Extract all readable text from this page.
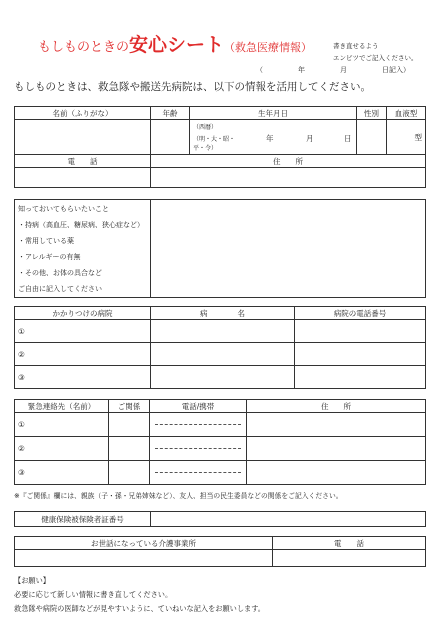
もしものときの安心シート（救急医療情報）	書き直せるよう
エンピツでご記入ください。
（　　　　　年　　　　　月　　　　　日記入）
もしものときは、救急隊や搬送先病院は、以下の情報を活用してください。
名前（ふりがな）	年齢	生年月日	性別	血液型

		（西暦）
（明・大・昭・平・令）
年 月 日		型
電　　話	住　　所

知っておいてもらいたいこと
・持病（高血圧、糖尿病、狭心症など）
・常用している薬
・アレルギーの有無
・その他、お体の具合など
ご自由に記入してください

かかりつけの病院	病　　　　名	病院の電話番号
①		
②		
③		
緊急連絡先（名前）	ご関係	電話/携帯	住　　所
①		

②		

③		

※『ご関係』欄には、親族（子・孫・兄弟姉妹など）、友人、担当の民生委員などの関係をご記入ください。
健康保険被保険者証番号	
お世話になっている介護事業所	電　　話

【お願い】
必要に応じて新しい情報に書き直してください。
救急隊や病院の医師などが見やすいように、ていねいな記入をお願いします。
